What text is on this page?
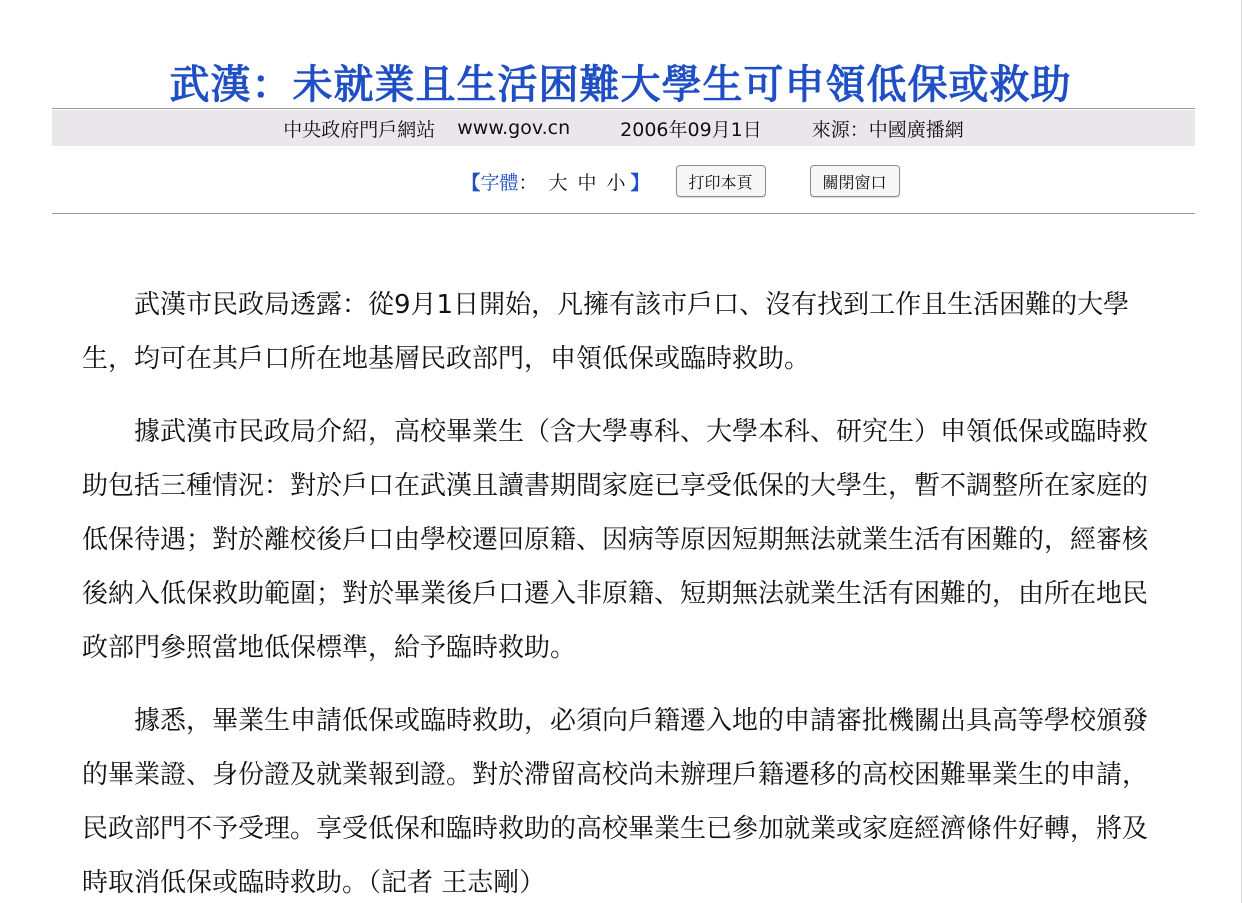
武漢：未就業且生活困難大學生可申領低保或救助
中央政府門戶網站 www.gov.cn	2006年09月1日	來源：中國廣播網
【 字體 ： 大 中 小 】	打印本頁	關閉窗口

武漢市民政局透露：從9月1日開始，凡擁有該市戶口、沒有找到工作且生活困難的大學生，均可在其戶口所在地基層民政部門，申領低保或臨時救助。

據武漢市民政局介紹，高校畢業生（含大學專科、大學本科、研究生）申領低保或臨時救助包括三種情況：對於戶口在武漢且讀書期間家庭已享受低保的大學生，暫不調整所在家庭的低保待遇；對於離校後戶口由學校遷回原籍、因病等原因短期無法就業生活有困難的，經審核後納入低保救助範圍；對於畢業後戶口遷入非原籍、短期無法就業生活有困難的，由所在地民政部門參照當地低保標準，給予臨時救助。

據悉，畢業生申請低保或臨時救助，必須向戶籍遷入地的申請審批機關出具高等學校頒發的畢業證、身份證及就業報到證。對於滯留高校尚未辦理戶籍遷移的高校困難畢業生的申請，民政部門不予受理。享受低保和臨時救助的高校畢業生已參加就業或家庭經濟條件好轉，將及時取消低保或臨時救助。（記者 王志剛）
